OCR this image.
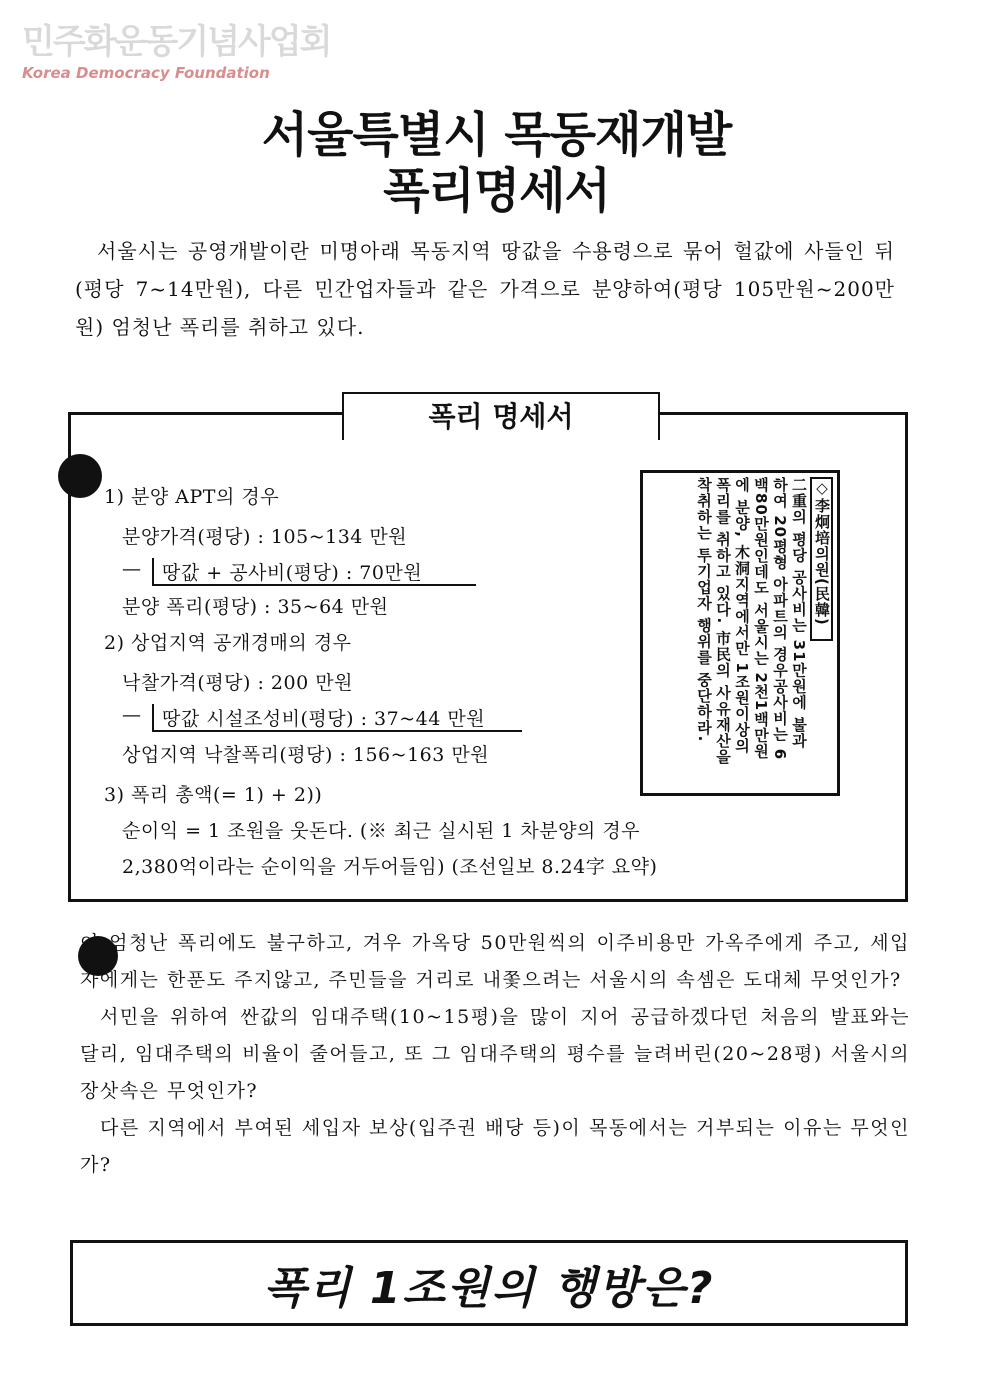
민주화운동기념사업회
Korea Democracy Foundation
서울특별시 목동재개발
폭리명세서
서울시는 공영개발이란 미명아래 목동지역 땅값을 수용령으로 묶어 헐값에 사들인 뒤(평당 7~14만원), 다른 민간업자들과 같은 가격으로 분양하여(평당 105만원~200만원) 엄청난 폭리를 취하고 있다.
폭리 명세서
1) 분양 APT의 경우
분양가격(평당) : 105~134 만원
— 땅값 + 공사비(평당) : 70만원
분양 폭리(평당) : 35~64 만원
2) 상업지역 공개경매의 경우
낙찰가격(평당) : 200 만원
— 땅값 시설조성비(평당) : 37~44 만원
상업지역 낙찰폭리(평당) : 156~163 만원
3) 폭리 총액(= 1) + 2))
순이익 = 1 조원을 웃돈다. (※ 최근 실시된 1 차분양의 경우
2,380억이라는 순이익을 거두어들임) (조선일보 8.24字 요약)
◇李炯培의원(民韓)
二重의 평당 공사비는 31만원에 불과
하여 20평형 아파트의 경우공사비는 6
백80만원인데도 서울시는 2천1백만원
에 분양, 木洞지역에서만 1조원이상의
폭리를 취하고 있다. 市民의 사유재산을
착취하는 투기업자 행위를 중단하라.

이 엄청난 폭리에도 불구하고, 겨우 가옥당 50만원씩의 이주비용만 가옥주에게 주고, 세입자에게는 한푼도 주지않고, 주민들을 거리로 내쫓으려는 서울시의 속셈은 도대체 무엇인가?

서민을 위하여 싼값의 임대주택(10~15평)을 많이 지어 공급하겠다던 처음의 발표와는 달리, 임대주택의 비율이 줄어들고, 또 그 임대주택의 평수를 늘려버린(20~28평) 서울시의 장삿속은 무엇인가?

다른 지역에서 부여된 세입자 보상(입주권 배당 등)이 목동에서는 거부되는 이유는 무엇인가?

폭리 1조원의 행방은?
